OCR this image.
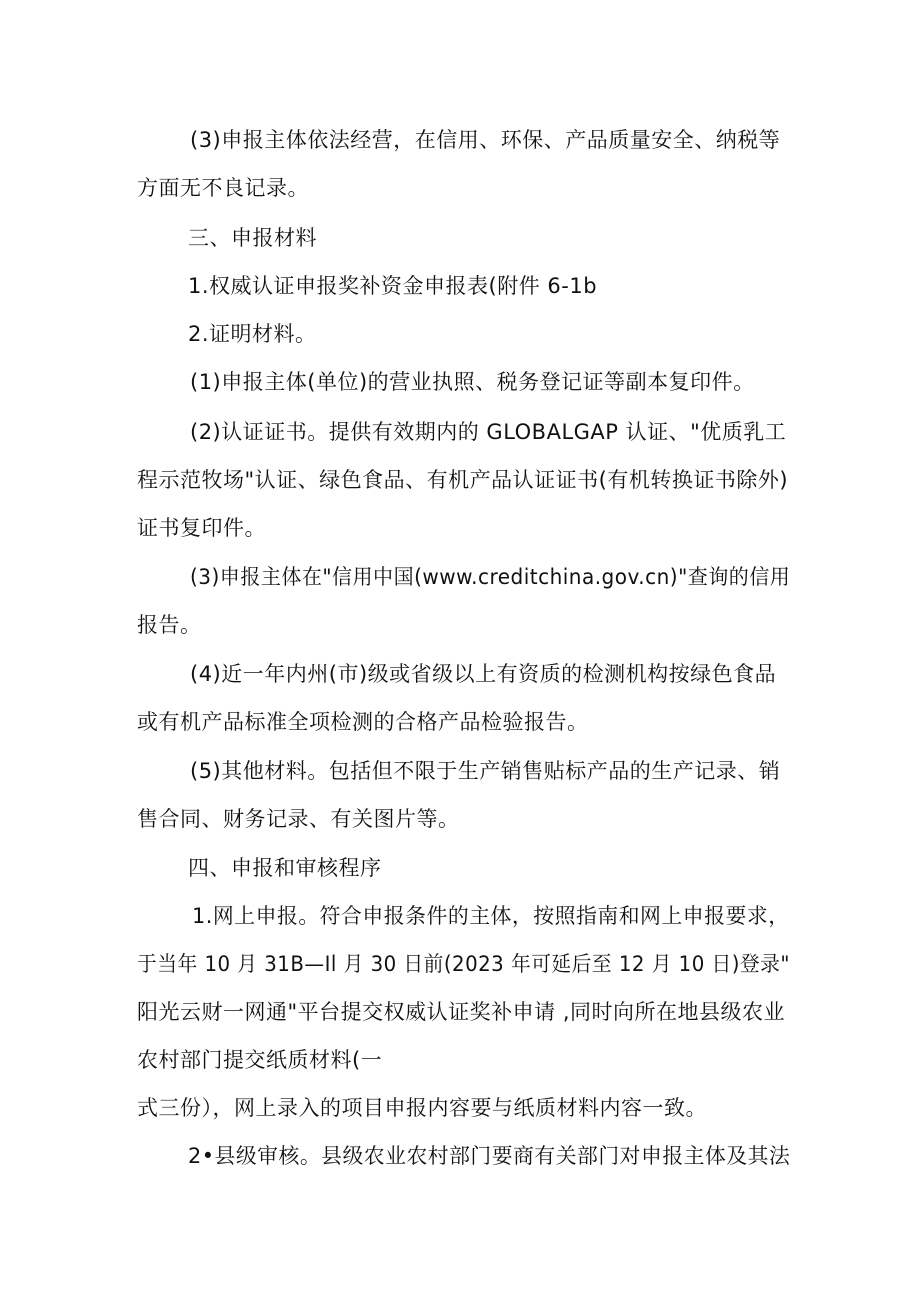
(3)申报主体依法经营，在信用、环保、产品质量安全、纳税等
方面无不良记录。
三、申报材料
1.权威认证申报奖补资金申报表(附件 6-1b
2.证明材料。
(1)申报主体(单位)的营业执照、税务登记证等副本复印件。
(2)认证证书。提供有效期内的 GLOBALGAP 认证、"优质乳工
程示范牧场"认证、绿色食品、有机产品认证证书(有机转换证书除外)
证书复印件。
(3)申报主体在"信用中国(www.creditchina.gov.cn)"查询的信用
报告。
(4)近一年内州(市)级或省级以上有资质的检测机构按绿色食品
或有机产品标准全项检测的合格产品检验报告。
(5)其他材料。包括但不限于生产销售贴标产品的生产记录、销
售合同、财务记录、有关图片等。
四、申报和审核程序
1.网上申报。符合申报条件的主体，按照指南和网上申报要求，
于当年 10 月 31B—Il 月 30 日前(2023 年可延后至 12 月 10 日)登录"
阳光云财一网通"平台提交权威认证奖补申请 ,同时向所在地县级农业
农村部门提交纸质材料(一
式三份），网上录入的项目申报内容要与纸质材料内容一致。
2•县级审核。县级农业农村部门要商有关部门对申报主体及其法
